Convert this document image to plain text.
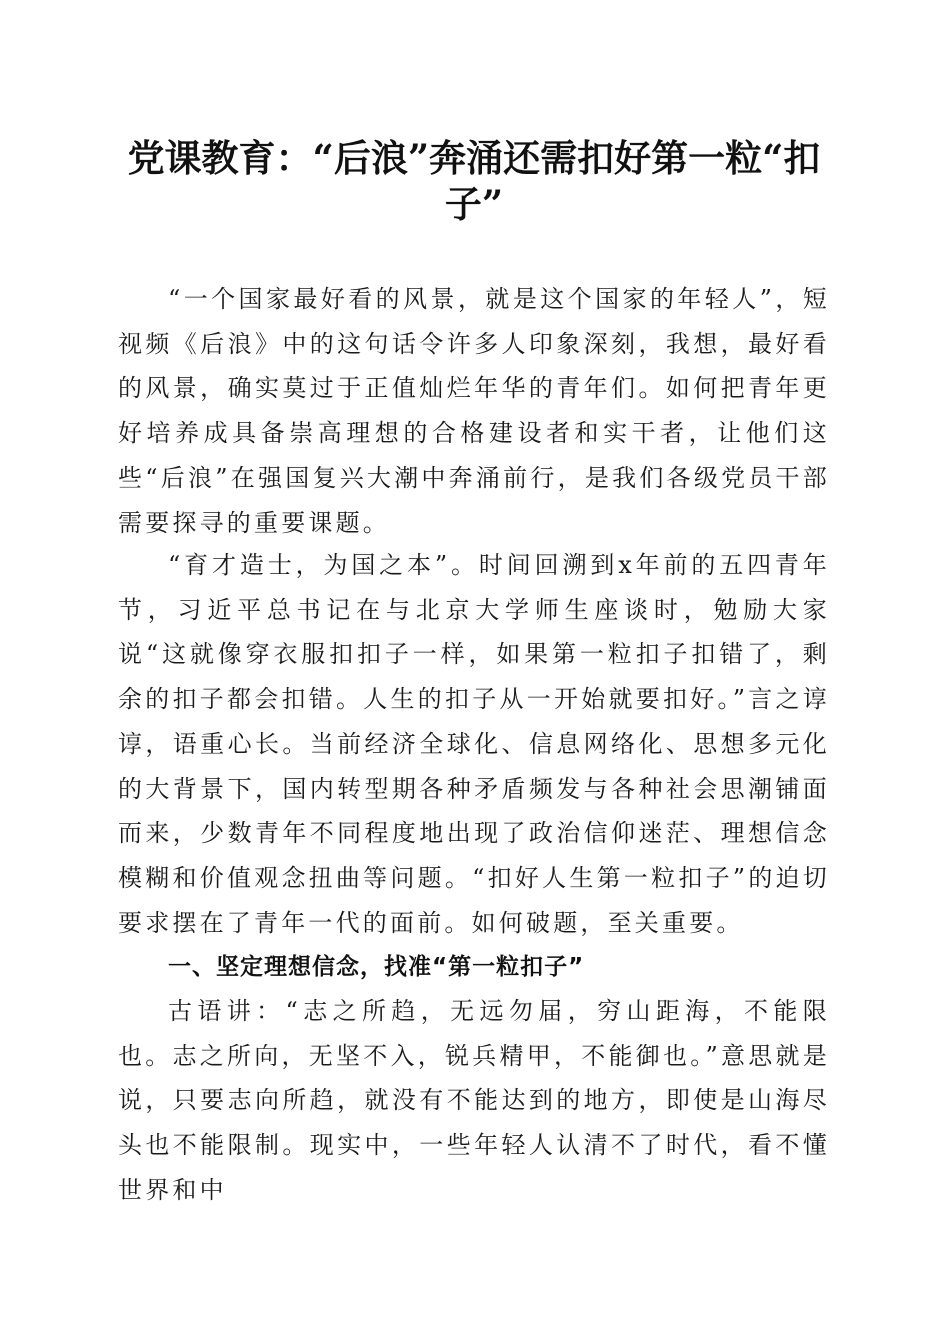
党课教育：“后浪”奔涌还需扣好第一粒“扣子”

“一个国家最好看的风景，就是这个国家的年轻人”，短视频《后浪》中的这句话令许多人印象深刻，我想，最好看的风景，确实莫过于正值灿烂年华的青年们。如何把青年更好培养成具备崇高理想的合格建设者和实干者，让他们这些“后浪”在强国复兴大潮中奔涌前行，是我们各级党员干部需要探寻的重要课题。

“育才造士，为国之本”。时间回溯到x年前的五四青年节，习近平总书记在与北京大学师生座谈时，勉励大家说“这就像穿衣服扣扣子一样，如果第一粒扣子扣错了，剩余的扣子都会扣错。人生的扣子从一开始就要扣好。”言之谆谆，语重心长。当前经济全球化、信息网络化、思想多元化的大背景下，国内转型期各种矛盾频发与各种社会思潮铺面而来，少数青年不同程度地出现了政治信仰迷茫、理想信念模糊和价值观念扭曲等问题。“扣好人生第一粒扣子”的迫切要求摆在了青年一代的面前。如何破题，至关重要。

一、坚定理想信念，找准“第一粒扣子”

古语讲：“志之所趋，无远勿届，穷山距海，不能限也。志之所向，无坚不入，锐兵精甲，不能御也。”意思就是说，只要志向所趋，就没有不能达到的地方，即使是山海尽头也不能限制。现实中，一些年轻人认清不了时代，看不懂世界和中
